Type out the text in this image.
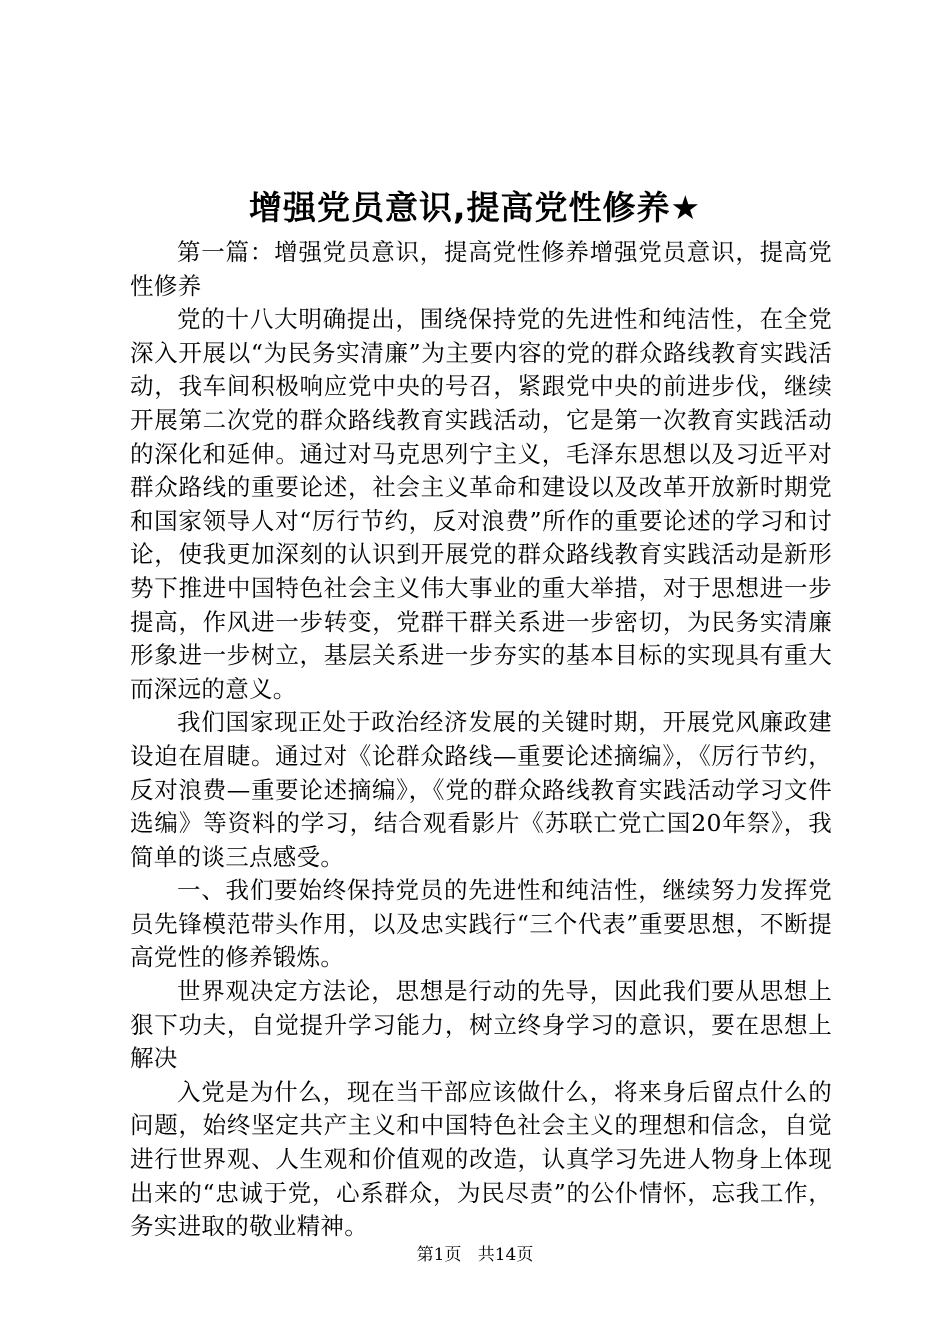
增强党员意识,提高党性修养★

第一篇：增强党员意识，提高党性修养增强党员意识，提高党性修养

党的十八大明确提出，围绕保持党的先进性和纯洁性，在全党深入开展以“为民务实清廉”为主要内容的党的群众路线教育实践活动，我车间积极响应党中央的号召，紧跟党中央的前进步伐，继续开展第二次党的群众路线教育实践活动，它是第一次教育实践活动的深化和延伸。通过对马克思列宁主义，毛泽东思想以及习近平对群众路线的重要论述，社会主义革命和建设以及改革开放新时期党和国家领导人对“厉行节约，反对浪费”所作的重要论述的学习和讨论，使我更加深刻的认识到开展党的群众路线教育实践活动是新形势下推进中国特色社会主义伟大事业的重大举措，对于思想进一步提高，作风进一步转变，党群干群关系进一步密切，为民务实清廉形象进一步树立，基层关系进一步夯实的基本目标的实现具有重大而深远的意义。

我们国家现正处于政治经济发展的关键时期，开展党风廉政建设迫在眉睫。通过对《论群众路线—重要论述摘编》，《厉行节约，反对浪费—重要论述摘编》，《党的群众路线教育实践活动学习文件选编》等资料的学习，结合观看影片《苏联亡党亡国20年祭》，我简单的谈三点感受。

一、我们要始终保持党员的先进性和纯洁性，继续努力发挥党员先锋模范带头作用，以及忠实践行“三个代表”重要思想，不断提高党性的修养锻炼。

世界观决定方法论，思想是行动的先导，因此我们要从思想上狠下功夫，自觉提升学习能力，树立终身学习的意识，要在思想上解决

入党是为什么，现在当干部应该做什么，将来身后留点什么的问题，始终坚定共产主义和中国特色社会主义的理想和信念，自觉进行世界观、人生观和价值观的改造，认真学习先进人物身上体现出来的“忠诚于党，心系群众，为民尽责”的公仆情怀，忘我工作，务实进取的敬业精神。

第1页 共14页
